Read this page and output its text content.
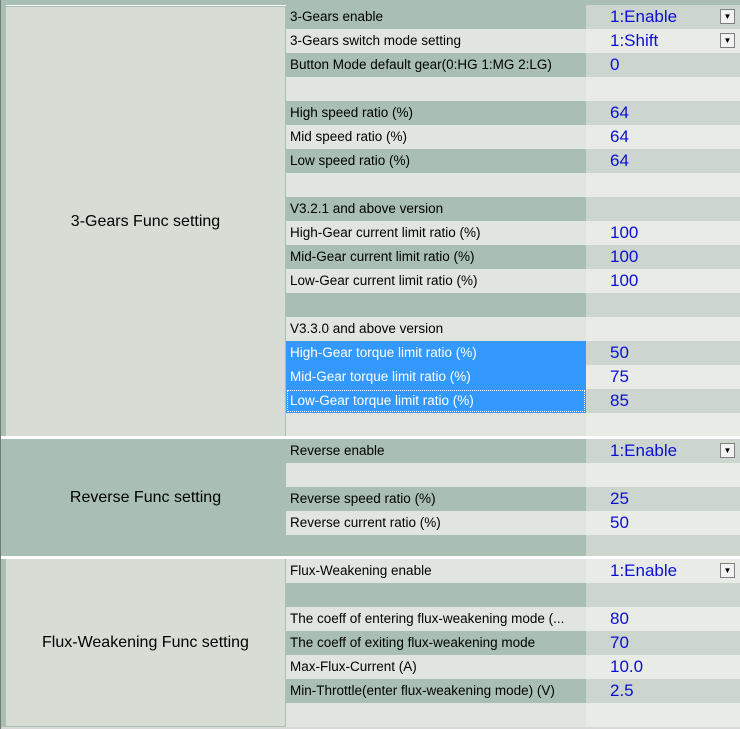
3-Gears Func setting
Reverse Func setting
Flux-Weakening Func setting
3-Gears enable	1:Enable	▼
3-Gears switch mode setting	1:Shift	▼
Button Mode default gear(0:HG 1:MG 2:LG)	0
High speed ratio (%)	64
Mid speed ratio (%)	64
Low speed ratio (%)	64
V3.2.1 and above version
High-Gear current limit ratio (%)	100
Mid-Gear current limit ratio (%)	100
Low-Gear current limit ratio (%)	100
V3.3.0 and above version
High-Gear torque limit ratio (%)	50
Mid-Gear torque limit ratio (%)	75
Low-Gear torque limit ratio (%)	85
Reverse enable	1:Enable	▼
Reverse speed ratio (%)	25
Reverse current ratio (%)	50
Flux-Weakening enable	1:Enable	▼
The coeff of entering flux-weakening mode (...	80
The coeff of exiting flux-weakening mode	70
Max-Flux-Current (A)	10.0
Min-Throttle(enter flux-weakening mode) (V)	2.5
